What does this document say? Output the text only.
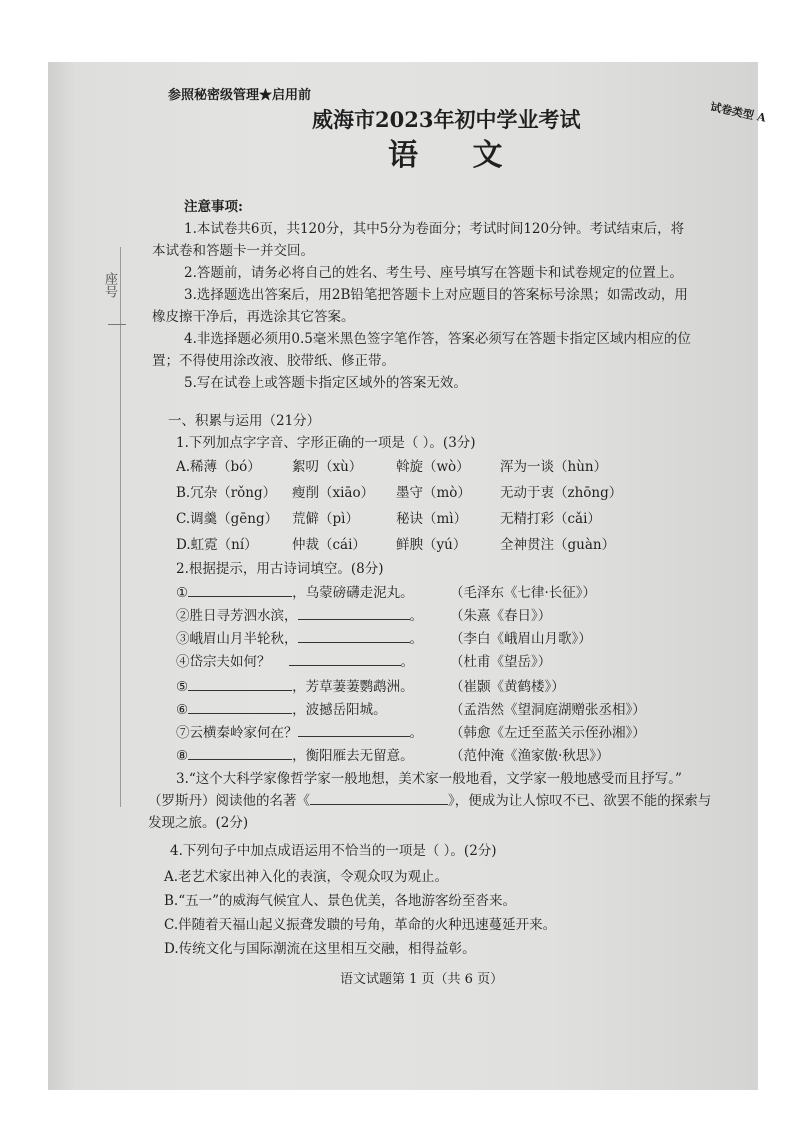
座号
试卷类型 A
参照秘密级管理★启用前
威海市2023年初中学业考试
语 文
注意事项:
1.本试卷共6页，共120分，其中5分为卷面分；考试时间120分钟。考试结束后，将
本试卷和答题卡一并交回。
2.答题前，请务必将自己的姓名、考生号、座号填写在答题卡和试卷规定的位置上。
3.选择题选出答案后，用2B铅笔把答题卡上对应题目的答案标号涂黑；如需改动，用
橡皮擦干净后，再选涂其它答案。
4.非选择题必须用0.5毫米黑色签字笔作答，答案必须写在答题卡指定区域内相应的位
置；不得使用涂改液、胶带纸、修正带。
5.写在试卷上或答题卡指定区域外的答案无效。
一、积累与运用（21分）
1.下列加点字字音、字形正确的一项是（ ）。(3分)
A.稀薄（bó） 絮叨（xù） 斡旋（wò） 浑为一谈（hùn）
B.冗杂（rǒng） 瘦削（xiāo） 墨守（mò） 无动于衷（zhōng）
C.调羹（gēng） 荒僻（pì）	秘诀（mì） 无精打彩（cǎi）
D.虹霓（ní）	仲裁（cái） 鲜腴（yú） 全神贯注（guàn）
2.根据提示，用古诗词填空。(8分)
①	，乌蒙磅礴走泥丸。	（毛泽东《七律·长征》）
②胜日寻芳泗水滨，	。 （朱熹《春日》）
③峨眉山月半轮秋，	。 （李白《峨眉山月歌》）
④岱宗夫如何？	。	（杜甫《望岳》）
⑤	，芳草萋萋鹦鹉洲。	（崔颢《黄鹤楼》）
⑥	，波撼岳阳城。	（孟浩然《望洞庭湖赠张丞相》）
⑦云横秦岭家何在？	。 （韩愈《左迁至蓝关示侄孙湘》）
⑧	，衡阳雁去无留意。	（范仲淹《渔家傲·秋思》）
3.“这个大科学家像哲学家一般地想，美术家一般地看，文学家一般地感受而且抒写。”
（罗斯丹）阅读他的名著《	》，便成为让人惊叹不已、欲罢不能的探索与
发现之旅。(2分)
4.下列句子中加点成语运用不恰当的一项是（ ）。(2分)
A.老艺术家出神入化的表演，令观众叹为观止。
B.“五一”的威海气候宜人、景色优美，各地游客纷至沓来。
C.伴随着天福山起义振聋发聩的号角，革命的火种迅速蔓延开来。
D.传统文化与国际潮流在这里相互交融，相得益彰。
语文试题第 1 页（共 6 页）
